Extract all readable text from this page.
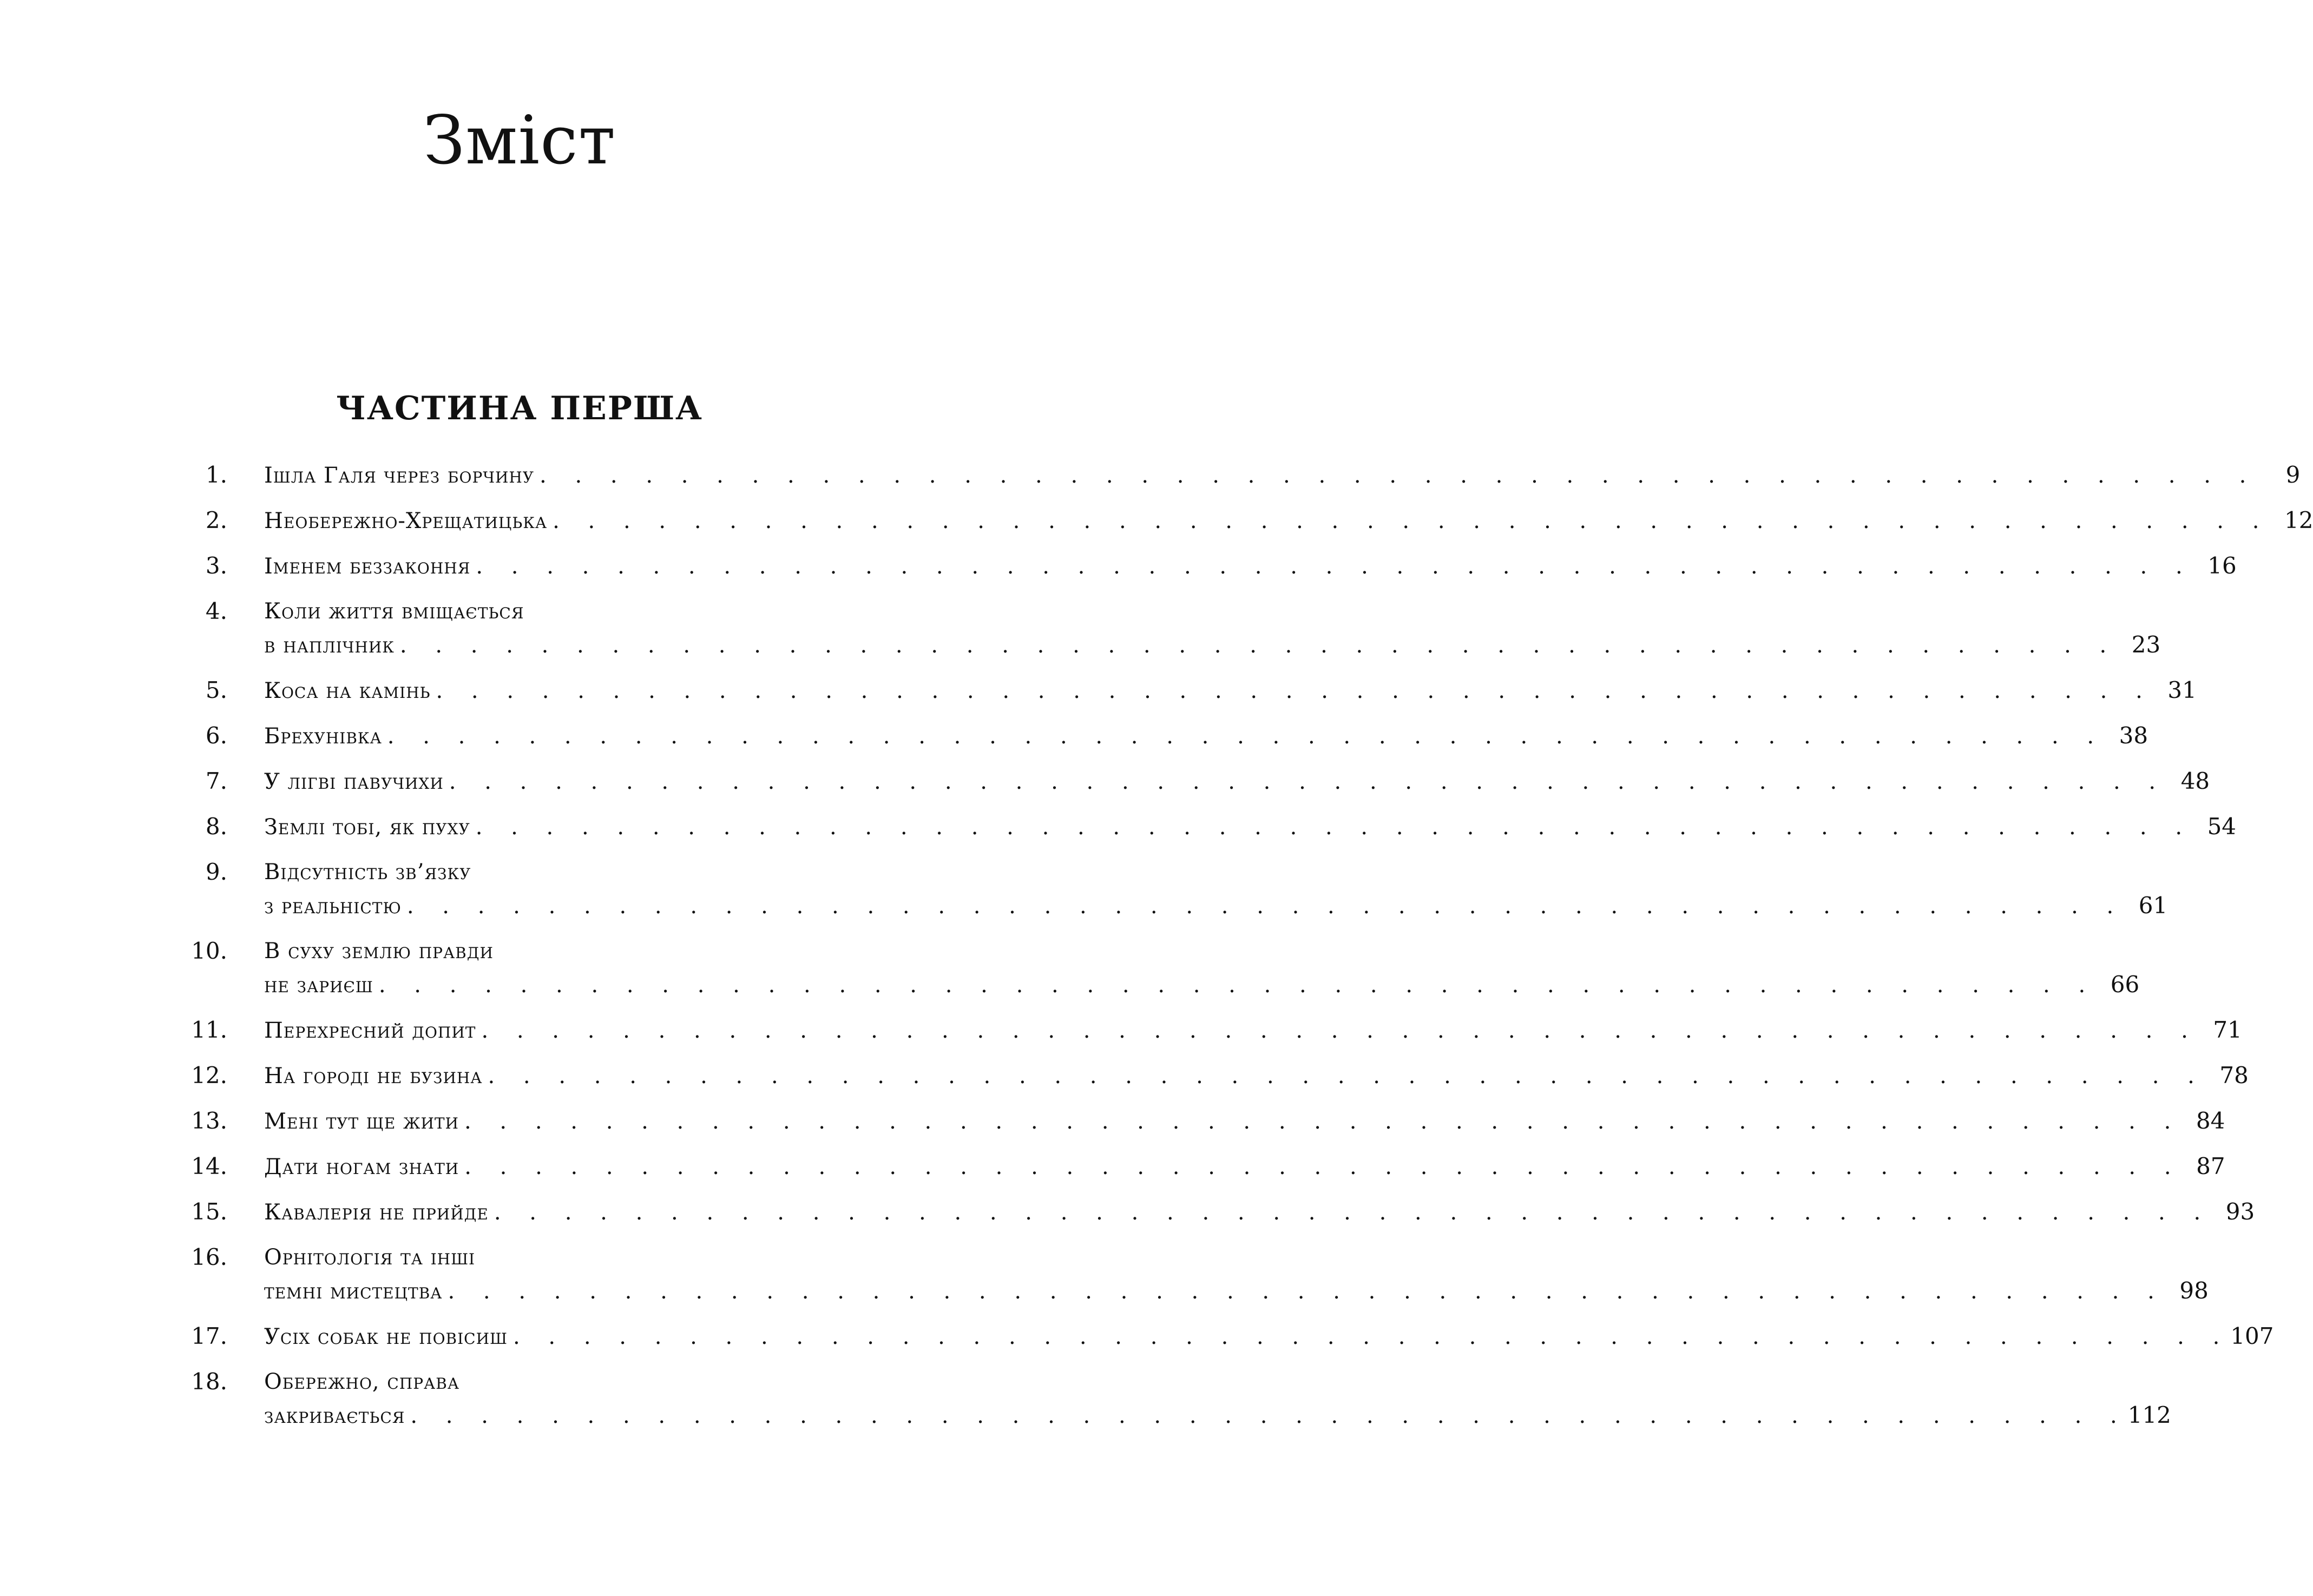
Зміст
ЧАСТИНА ПЕРША
1. Ішла Галя через борчину . . . . . . . . . . . . . . . . . . . . . . . . . . . . . . . . . . . . . . . . . . . . . . . . .	9
2. Необережно-Хрещатицька . . . . . . . . . . . . . . . . . . . . . . . . . . . . . . . . . . . . . . . . . . . . . . . . . 12
3. Іменем беззаконня . . . . . . . . . . . . . . . . . . . . . . . . . . . . . . . . . . . . . . . . . . . . . . . . . 16
4. Коли життя вміщається
в наплічник . . . . . . . . . . . . . . . . . . . . . . . . . . . . . . . . . . . . . . . . . . . . . . . . . 23
5. Коса на камінь . . . . . . . . . . . . . . . . . . . . . . . . . . . . . . . . . . . . . . . . . . . . . . . . . 31
6. Брехунівка . . . . . . . . . . . . . . . . . . . . . . . . . . . . . . . . . . . . . . . . . . . . . . . . . 38
7. У лігві павучихи . . . . . . . . . . . . . . . . . . . . . . . . . . . . . . . . . . . . . . . . . . . . . . . . . 48
8. Землі тобі, як пуху . . . . . . . . . . . . . . . . . . . . . . . . . . . . . . . . . . . . . . . . . . . . . . . . . 54
9. Відсутність зв’язку
з реальністю . . . . . . . . . . . . . . . . . . . . . . . . . . . . . . . . . . . . . . . . . . . . . . . . . 61
10. В суху землю правди
не зариєш . . . . . . . . . . . . . . . . . . . . . . . . . . . . . . . . . . . . . . . . . . . . . . . . . 66
11. Перехресний допит . . . . . . . . . . . . . . . . . . . . . . . . . . . . . . . . . . . . . . . . . . . . . . . . . 71
12. На городі не бузина . . . . . . . . . . . . . . . . . . . . . . . . . . . . . . . . . . . . . . . . . . . . . . . . . 78
13. Мені тут ще жити . . . . . . . . . . . . . . . . . . . . . . . . . . . . . . . . . . . . . . . . . . . . . . . . . 84
14. Дати ногам знати . . . . . . . . . . . . . . . . . . . . . . . . . . . . . . . . . . . . . . . . . . . . . . . . . 87
15. Кавалерія не прийде . . . . . . . . . . . . . . . . . . . . . . . . . . . . . . . . . . . . . . . . . . . . . . . . . 93
16. Орнітологія та інші
темні мистецтва . . . . . . . . . . . . . . . . . . . . . . . . . . . . . . . . . . . . . . . . . . . . . . . . . 98
17. Усіх собак не повісиш . . . . . . . . . . . . . . . . . . . . . . . . . . . . . . . . . . . . . . . . . . . . . . . . . 107
18. Обережно, справа
закривається . . . . . . . . . . . . . . . . . . . . . . . . . . . . . . . . . . . . . . . . . . . . . . . . . 112
